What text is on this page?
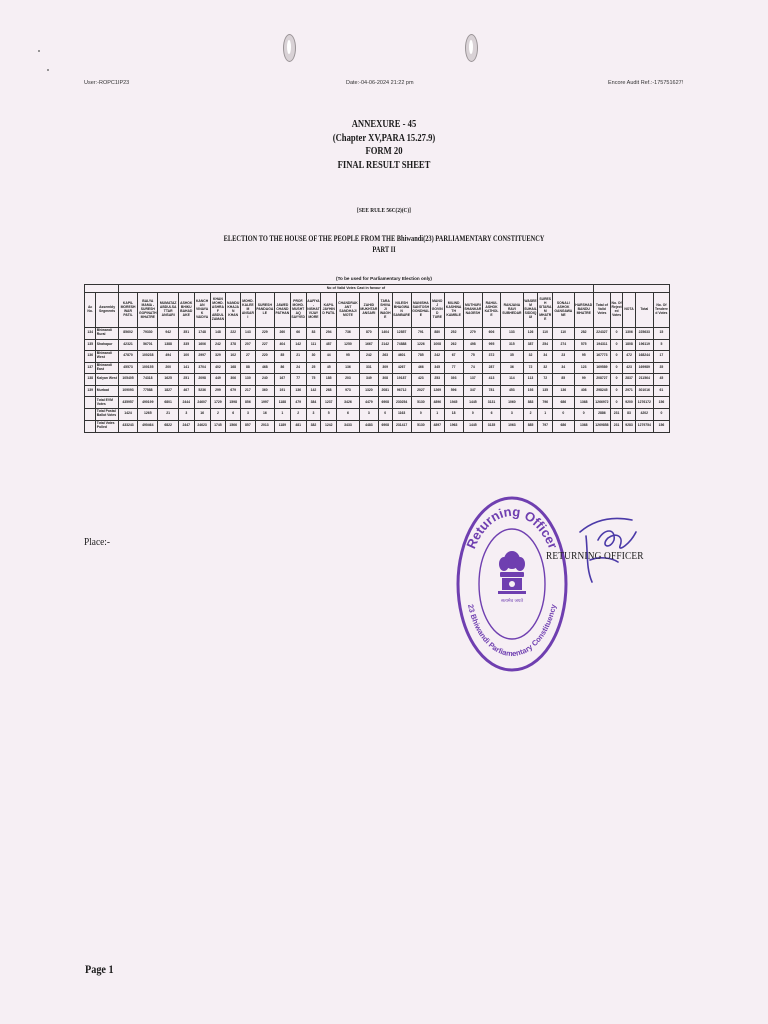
User:-ROPC1IP23	Date:-04-06-2024 21:22 pm	Encore Audit Ref.:-175751627!
ANNEXURE - 45
(Chapter XV,PARA 15.27.9)
FORM 20
FINAL RESULT SHEET
[SEE RULE 56C(2)(C)]
ELECTION TO THE HOUSE OF THE PEOPLE FROM THE Bhiwandi(23) PARLIAMENTARY CONSTITUENCY
PART II
(To be used for Parliamentary Election only)
		No of Valid Votes Cast in favour of																															
Ac No.	Assembly Segments	KAPIL MORESHWAR PATIL	BALYA MAMA - SURESH GOPINATH MHATRE	MUMATAZ ABDULSATTAR ANSARI	ASHOK BHIKU BAHADAKE	KANCHAN VINAYAK VAIDYA	KHAN MOHD. ASHRAF ABDUL ZAMAN	NANDU KHAJAN KHAN	MOHD. KALEEM ANSARI	SURESH PANDAGALE	JAWED CHAND PATHAN	PROF. MOHD. MUSHTAQ SAYYED	AAFIYA - NISHAT VIJAY MORE	KAPIL JAYHIND PATIL	CHANDRAKANT SANDHAJI MOTE	ZAHID MUKHTAR ANSARI	TARA SHIVAJI WAGHE	NILESH BHAGWAN SANBARE	MANISHA SANTOSH GONDHALE	MANOJ GOVIND TURE	MILIND KASHINATH KAMBLE	MUTHURI SHANKAR NAGESH	RAHUL ASHOK KATHOLE	RANJANA RAVI SUBHEDAR	WASEEM SUHAIL SIDDIQUI	SURESH SITARAM MHATRE	SONALI ASHOK GANGAWANE	HARSHAD BANDU MHATRE	Total of Valid Votes	No. Of Rejected Votes	NOTA	Total	No. Of Tendered Votes
134	Bhiwandi Rural	85602	79330	942	351	1748	148	222	143	229	260	66	83	294	736	870	1404	12857	791	880	252	279	606	133	126	110	110	282	224327	0	1306	225633	15
135	Shahapur	42321	56701	1388	335	1606	242	378	207	227	404	142	111	487	1250	1667	2142	74888	1226	1008	262	498	995	315	387	254	274	575	194311	0	1808	196119	5
136	Bhiwandi West	47870	100238	494	100	2997	329	102	27	220	85	21	30	44	95	242	263	4601	785	242	67	75	372	35	32	34	23	95	167773	0	472	168244	17
137	Bhiwandi East	45573	100155	200	141	3704	402	168	88	468	86	24	25	45	136	331	309	4267	466	345	77	74	287	36	72	32	34	123	169589	0	423	169989	35
138	Kalyan West	105405	74318	1625	251	2098	449	306	130	240	167	77	75	185	203	349	308	19187	423	253	393	137	413	114	113	72	85	99	208727	0	2837	211564	45
139	Murbad	109093	77588	1827	467	5236	299	679	217	360	191	136	142	268	973	1320	2081	96712	2027	1269	596	347	781	453	193	135	136	408	298245	0	2971	301016	61
	Total EVM Votes	435957	490199	6801	2444	24607	1729	1598	856	1997	1188	479	384	1237	3426	4479	6908	230254	5130	4896	1945	1445	3131	1060	883	796	686	1368	1266972	0	9200	1276172	156
	Total Postal Ballot Votes	1424	1265	21	3	16	2	6	3	16	1	2	3	5	6	3	0	1163	0	1	18	0	6	3	2	1	0	0	2886	231	83	4202	0
	Total Votes Polled	433243	490464	6822	2447	24623	1745	1566	857	2013	1189	481	382	1242	3433	4483	6908	231417	5130	4897	1963	1445	3135	1063	885	797	686	1368	1269858	231	9283	1279754	156
Place:-	Returning Officer
23 Bhiwandi Parliamentary Constituency
सत्यमेव जयते
RETURNING OFFICER
Page 1
